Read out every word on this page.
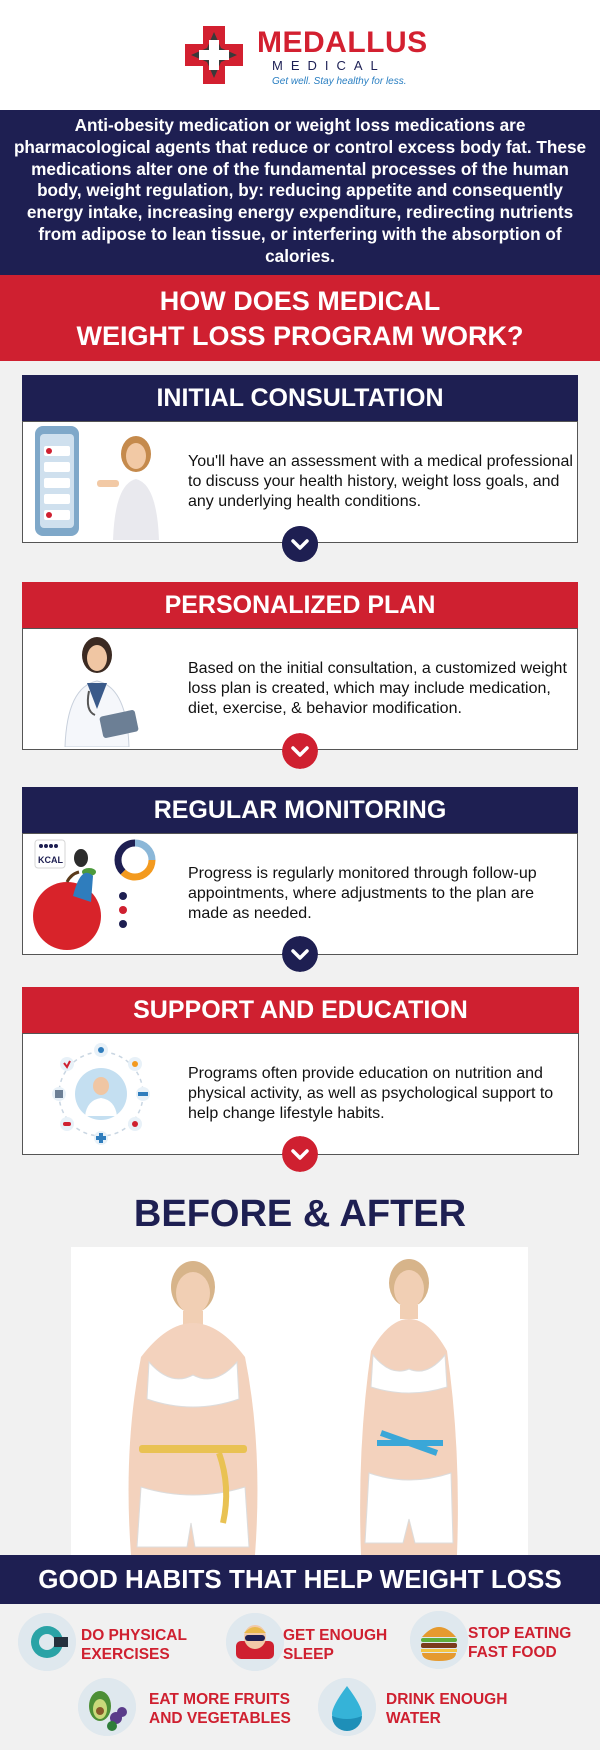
MEDALLUS
MEDICAL
Get well. Stay healthy for less.
Anti-obesity medication or weight loss medications are pharmacological agents that reduce or control excess body fat. These medications alter one of the fundamental processes of the human body, weight regulation, by: reducing appetite and consequently energy intake, increasing energy expenditure, redirecting nutrients from adipose to lean tissue, or interfering with the absorption of calories.
HOW DOES MEDICAL
WEIGHT LOSS PROGRAM WORK?
INITIAL CONSULTATION
You'll have an assessment with a medical professional to discuss your health history, weight loss goals, and any underlying health conditions.
PERSONALIZED PLAN
Based on the initial consultation, a customized weight loss plan is created, which may include medication, diet, exercise, & behavior modification.
REGULAR MONITORING
KCAL
Progress is regularly monitored through follow-up appointments, where adjustments to the plan are made as needed.
SUPPORT AND EDUCATION
Programs often provide education on nutrition and physical activity, as well as psychological support to help change lifestyle habits.
BEFORE & AFTER
GOOD HABITS THAT HELP WEIGHT LOSS
DO PHYSICAL
EXERCISES
GET ENOUGH
SLEEP
STOP EATING
FAST FOOD
EAT MORE FRUITS
AND VEGETABLES
DRINK ENOUGH
WATER
